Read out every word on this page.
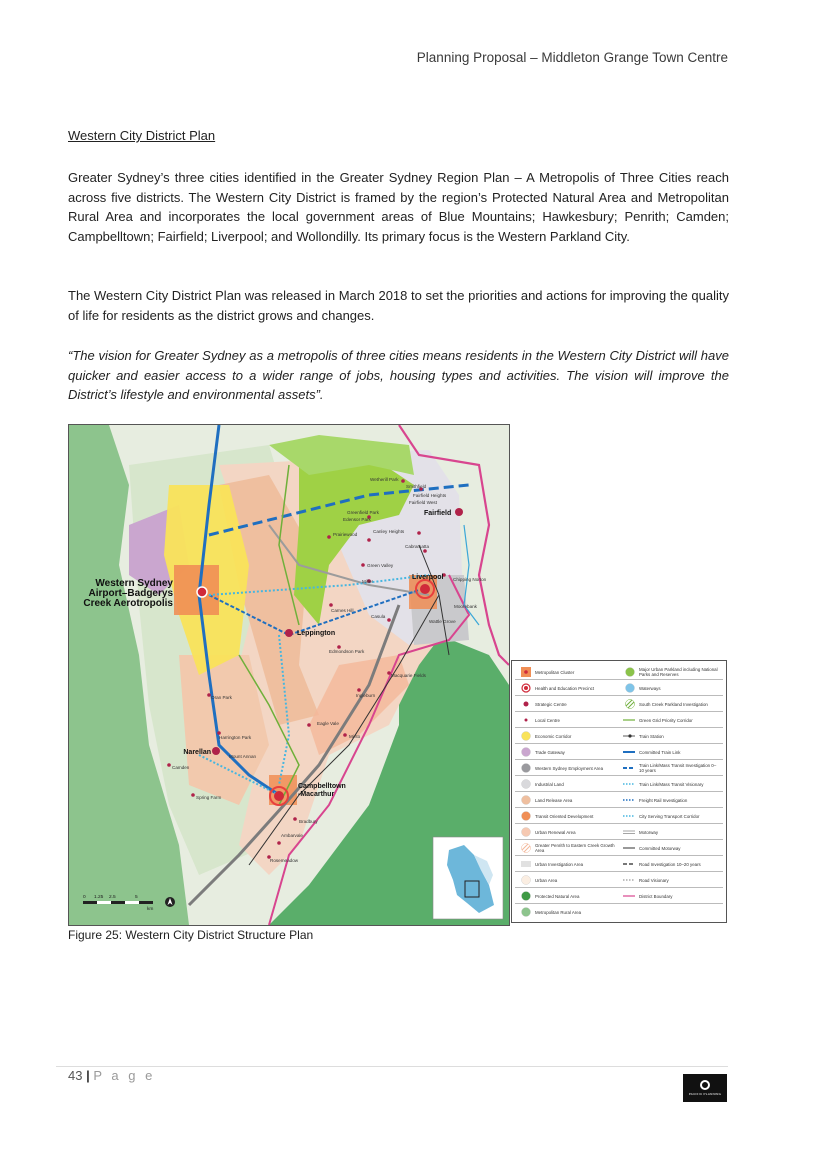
Planning Proposal – Middleton Grange Town Centre
Western City District Plan

Greater Sydney’s three cities identified in the Greater Sydney Region Plan – A Metropolis of Three Cities reach across five districts. The Western City District is framed by the region’s Protected Natural Area and Metropolitan Rural Area and incorporates the local government areas of Blue Mountains; Hawkesbury; Penrith; Camden; Campbelltown; Fairfield; Liverpool; and Wollondilly. Its primary focus is the Western Parkland City.

The Western City District Plan was released in March 2018 to set the priorities and actions for improving the quality of life for residents as the district grows and changes.

“The vision for Greater Sydney as a metropolis of three cities means residents in the Western City District will have quicker and easier access to a wider range of jobs, housing types and activities. The vision will improve the District’s lifestyle and environmental assets”.

Western Sydney
Airport–Badgerys
Creek Aerotropolis
Liverpool
Leppington
Campbelltown
-Macarthur
Narellan
Fairfield
Wetherill Park
Smithfield
Fairfield Heights
Fairfield West
Greenfield Park
Edensor Park
Prairiewood
Canley Heights
Cabramatta
Green Valley
Miller
Carnes Hill
Casula
Chipping Norton
Moorebank
Wattle Grove
Edmondson Park
Macquarie Fields
Ingleburn
Oran Park
Harrington Park
Mount Annan
Camden
Spring Farm
Eagle Vale
Minto
Bradbury
Ambarvale
Rosemeadow
0 1.25 2.5	5
km
Metropolitan Cluster
Health and Education Precinct
Strategic Centre
Local Centre
Economic Corridor
Trade Gateway
Western Sydney Employment Area
Industrial Land
Land Release Area
Transit Oriented Development
Urban Renewal Area
Greater Penrith to Eastern Creek Growth Area
Urban Investigation Area
Urban Area
Protected Natural Area
Metropolitan Rural Area
Major Urban Parkland including National Parks and Reserves
Waterways
South Creek Parkland Investigation
Green Grid Priority Corridor
Train Station
Committed Train Link
Train Link/Mass Transit Investigation 0–10 years
Train Link/Mass Transit Visionary
Freight Rail Investigation
City Serving Transport Corridor
Motorway
Committed Motorway
Road Investigation 10–20 years
Road Visionary
District Boundary
Figure 25: Western City District Structure Plan
43 | P a g e
PACIFIC PLANNING
